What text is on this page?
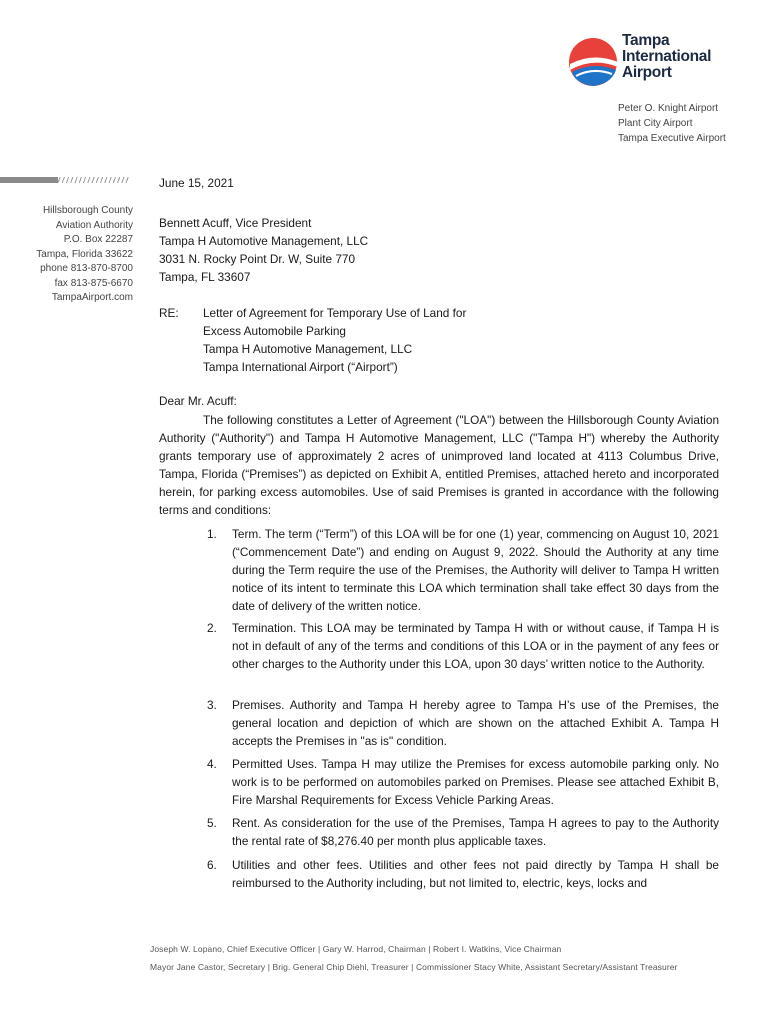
Tampa
International
Airport
Peter O. Knight Airport
Plant City Airport
Tampa Executive Airport
Hillsborough County
Aviation Authority
P.O. Box 22287
Tampa, Florida 33622
phone 813-870-8700
fax 813-875-6670
TampaAirport.com
June 15, 2021
Bennett Acuff, Vice President
Tampa H Automotive Management, LLC
3031 N. Rocky Point Dr. W, Suite 770
Tampa, FL 33607
RE: Letter of Agreement for Temporary Use of Land for
Excess Automobile Parking
Tampa H Automotive Management, LLC
Tampa International Airport (“Airport”)
Dear Mr. Acuff:
The following constitutes a Letter of Agreement ("LOA") between the Hillsborough County Aviation Authority ("Authority") and Tampa H Automotive Management, LLC ("Tampa H") whereby the Authority grants temporary use of approximately 2 acres of unimproved land located at 4113 Columbus Drive, Tampa, Florida (“Premises”) as depicted on Exhibit A, entitled Premises, attached hereto and incorporated herein, for parking excess automobiles. Use of said Premises is granted in accordance with the following terms and conditions:
1. Term. The term (“Term”) of this LOA will be for one (1) year, commencing on August 10, 2021 (“Commencement Date”) and ending on August 9, 2022. Should the Authority at any time during the Term require the use of the Premises, the Authority will deliver to Tampa H written notice of its intent to terminate this LOA which termination shall take effect 30 days from the date of delivery of the written notice.
2. Termination. This LOA may be terminated by Tampa H with or without cause, if Tampa H is not in default of any of the terms and conditions of this LOA or in the payment of any fees or other charges to the Authority under this LOA, upon 30 days’ written notice to the Authority.
3. Premises. Authority and Tampa H hereby agree to Tampa H’s use of the Premises, the general location and depiction of which are shown on the attached Exhibit A. Tampa H accepts the Premises in "as is" condition.
4. Permitted Uses. Tampa H may utilize the Premises for excess automobile parking only. No work is to be performed on automobiles parked on Premises. Please see attached Exhibit B, Fire Marshal Requirements for Excess Vehicle Parking Areas.
5. Rent. As consideration for the use of the Premises, Tampa H agrees to pay to the Authority the rental rate of $8,276.40 per month plus applicable taxes.
6. Utilities and other fees. Utilities and other fees not paid directly by Tampa H shall be reimbursed to the Authority including, but not limited to, electric, keys, locks and
Joseph W. Lopano, Chief Executive Officer | Gary W. Harrod, Chairman | Robert I. Watkins, Vice Chairman
Mayor Jane Castor, Secretary | Brig. General Chip Diehl, Treasurer | Commissioner Stacy White, Assistant Secretary/Assistant Treasurer
